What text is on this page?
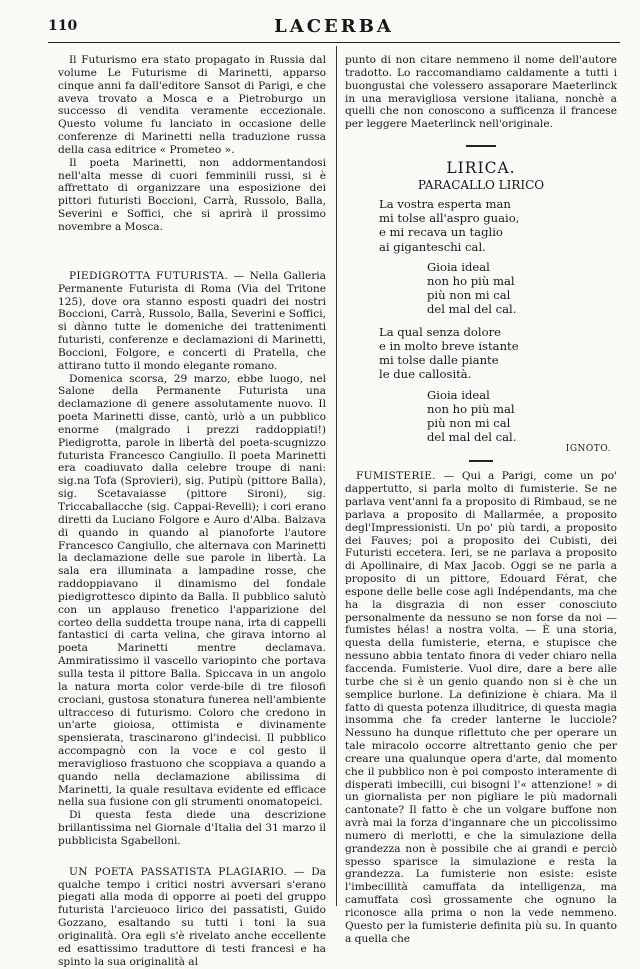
110	LACERBA

Il Futurismo era stato propagato in Russia dal volume Le Futurisme di Marinetti, apparso cinque anni fa dall'editore Sansot di Parigi, e che aveva trovato a Mosca e a Pietroburgo un successo di vendita veramente eccezionale. Questo volume fu lanciato in occasione delle conferenze di Marinetti nella traduzione russa della casa editrice « Prometeo ».

Il poeta Marinetti, non addormentandosi nell'alta messe di cuori femminili russi, si è affrettato di organizzare una esposizione dei pittori futuristi Boccioni, Carrà, Russolo, Balla, Severini e Soffici, che si aprirà il prossimo novembre a Mosca.

PIEDIGROTTA FUTURISTA. — Nella Galleria Permanente Futurista di Roma (Via del Tritone 125), dove ora stanno esposti quadri dei nostri Boccioni, Carrà, Russolo, Balla, Severini e Soffici, si dànno tutte le domeniche dei trattenimenti futuristi, conferenze e declamazioni di Marinetti, Boccioni, Folgore, e concerti di Pratella, che attirano tutto il mondo elegante romano.

Domenica scorsa, 29 marzo, ebbe luogo, nel Salone della Permanente Futurista una declamazione di genere assolutamente nuovo. Il poeta Marinetti disse, cantò, urlò a un pubblico enorme (malgrado i prezzi raddoppiati!) Piedigrotta, parole in libertà del poeta-scugnizzo futurista Francesco Cangiullo. Il poeta Marinetti era coadiuvato dalla celebre troupe di nani: sig.na Tofa (Sprovieri), sig. Putipù (pittore Balla), sig. Scetavaiasse (pittore Sironi), sig. Triccaballacche (sig. Cappai-Revelli); i cori erano diretti da Luciano Folgore e Auro d'Alba. Balzava di quando in quando al pianoforte l'autore Francesco Cangiullo, che alternava con Marinetti la declamazione delle sue parole in libertà. La sala era illuminata a lampadine rosse, che raddoppiavano il dinamismo del fondale piedigrottesco dipinto da Balla. Il pubblico salutò con un applauso frenetico l'apparizione del corteo della suddetta troupe nana, irta di cappelli fantastici di carta velina, che girava intorno al poeta Marinetti mentre declamava. Ammiratissimo il vascello variopinto che portava sulla testa il pittore Balla. Spiccava in un angolo la natura morta color verde-bile di tre filosofi crociani, gustosa stonatura funerea nell'ambiente ultracceso di futurismo. Coloro che credono in un'arte gioiosa, ottimista e divinamente spensierata, trascinarono gl'indecisi. Il pubblico accompagnò con la voce e col gesto il meraviglioso frastuono che scoppiava a quando a quando nella declamazione abilissima di Marinetti, la quale resultava evidente ed efficace nella sua fusione con gli strumenti onomatopeici.

Di questa festa diede una descrizione brillantissima nel Giornale d'Italia del 31 marzo il pubblicista Sgabelloni.

UN POETA PASSATISTA PLAGIARIO. — Da qualche tempo i critici nostri avversari s'erano piegati alla moda di opporre ai poeti del gruppo futurista l'arcieuoco lirico dei passatisti, Guido Gozzano, esaltando su tutti i toni la sua originalità. Ora egli s'è rivelato anche eccellente ed esattissimo traduttore di testi francesi e ha spinto la sua originalità al

punto di non citare nemmeno il nome dell'autore tradotto. Lo raccomandiamo caldamente a tutti i buongustai che volessero assaporare Maeterlinck in una meravigliosa versione italiana, nonchè a quelli che non conoscono a sufficenza il francese per leggere Maeterlinck nell'originale.

LIRICA.
PARACALLO LIRICO
La vostra esperta man
mi tolse all'aspro guaio,
e mi recava un taglio
ai giganteschi cal.
Gioia ideal
non ho più mal
più non mi cal
del mal del cal.
La qual senza dolore
e in molto breve istante
mi tolse dalle piante
le due callosità.
Gioia ideal
non ho più mal
più non mi cal
del mal del cal.
IGNOTO.

FUMISTERIE. — Qui a Parigi, come un po' dappertutto, si parla molto di fumisterie. Se ne parlava vent'anni fa a proposito di Rimbaud, se ne parlava a proposito di Mallarmée, a proposito degl'Impressionisti. Un po' più tardi, a proposito dei Fauves; poi a proposito dei Cubisti, dei Futuristi eccetera. Ieri, se ne parlava a proposito di Apollinaire, di Max Jacob. Oggi se ne parla a proposito di un pittore, Edouard Férat, che espone delle belle cose agli Indépendants, ma che ha la disgrazia di non esser conosciuto personalmente da nessuno se non forse da noi — fumistes hélas! a nostra volta. — È una storia, questa della fumisterie, eterna, e stupisce che nessuno abbia tentato finora di veder chiaro nella faccenda. Fumisterie. Vuol dire, dare a bere alle turbe che si è un genio quando non si è che un semplice burlone. La definizione è chiara. Ma il fatto di questa potenza illuditrice, di questa magia insomma che fa creder lanterne le lucciole? Nessuno ha dunque riflettuto che per operare un tale miracolo occorre altrettanto genio che per creare una qualunque opera d'arte, dal momento che il pubblico non è poi composto interamente di disperati imbecilli, cui bisogni l'« attenzione! » di un giornalista per non pigliare le più madornali cantonate? Il fatto è che un volgare buffone non avrà mai la forza d'ingannare che un piccolissimo numero di merlotti, e che la simulazione della grandezza non è possibile che ai grandi e perciò spesso sparisce la simulazione e resta la grandezza. La fumisterie non esiste: esiste l'imbecillità camuffata da intelligenza, ma camuffata così grossamente che ognuno la riconosce alla prima o non la vede nemmeno. Questo per la fumisterie definita più su. In quanto a quella che
